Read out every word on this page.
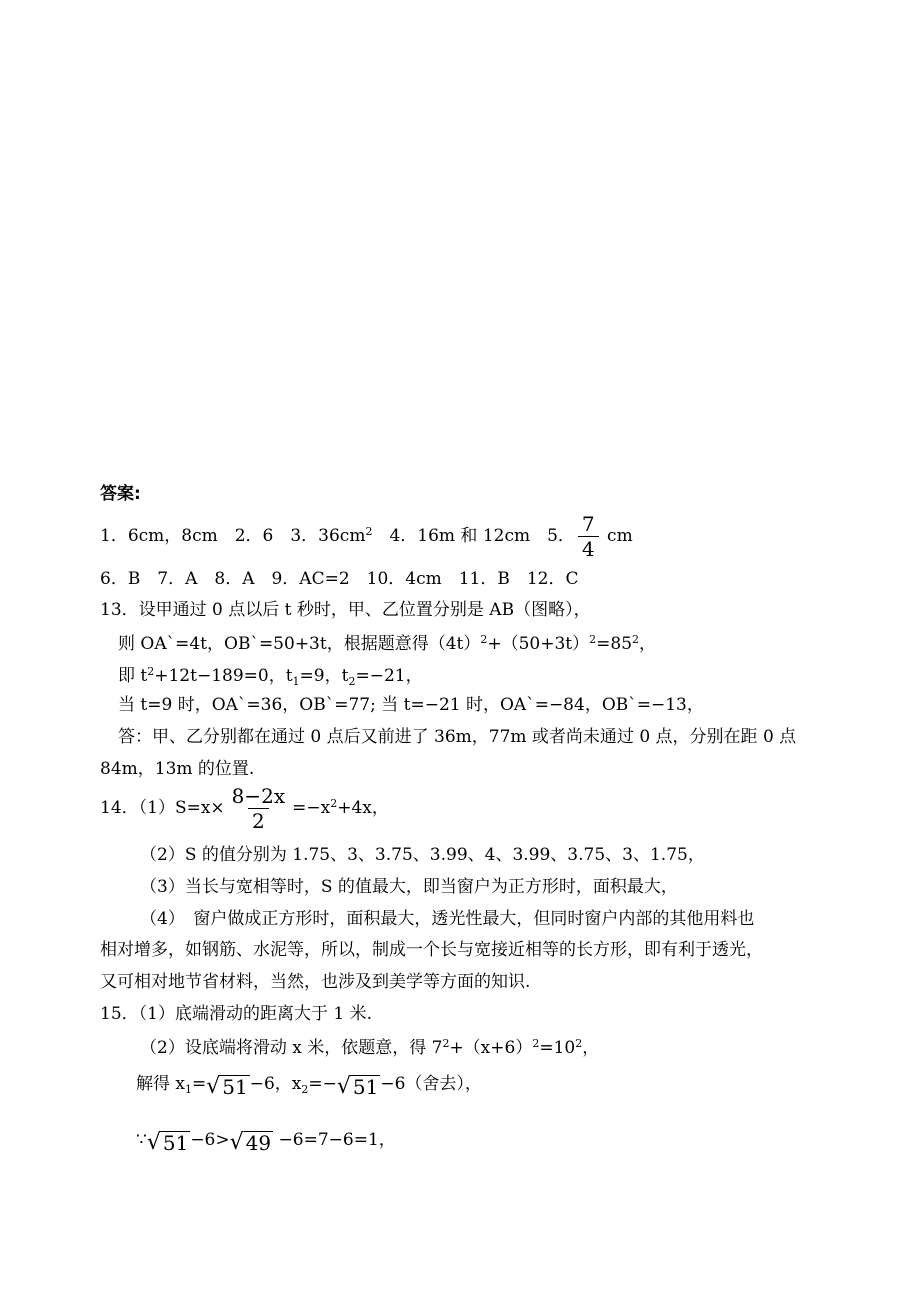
答案:
1．6cm，8cm　2．6　3．$36cm^2$　4．16m 和 12cm　5． $\frac{7}{4}$ cm
6．B　7．A　8．A　9．AC=2　10．4cm　11．B　12．C
13．设甲通过 0 点以后 t 秒时，甲、乙位置分别是 AB（图略），
则 OA`=4t，OB`=50+3t，根据题意得$(4t)^2+(50+3t)^2=85^2$，
即 $t^2+12t-189=0$，$t_1=9$，$t_2=-21$，
当 t=9 时，OA`=36，OB`=77; 当 t=−21 时，OA`=−84，OB`=−13，
答：甲、乙分别都在通过 0 点后又前进了 36m，77m 或者尚未通过 0 点，分别在距 0 点
84m，13m 的位置.
14．$(1)S=x\times \frac{8-2x}{2} =-x^2+4x$，
（2）S 的值分别为 1.75、3、3.75、3.99、4、3.99、3.75、3、1.75，
（3）当长与宽相等时，S 的值最大，即当窗户为正方形时，面积最大，
（4）　窗户做成正方形时，面积最大，透光性最大，但同时窗户内部的其他用料也
相对增多，如钢筋、水泥等，所以，制成一个长与宽接近相等的长方形，即有利于透光，
又可相对地节省材料，当然，也涉及到美学等方面的知识.
15．（1）底端滑动的距离大于 1 米.
（2）设底端将滑动 x 米，依题意，得 $7^2+(x+6)^2=10^2$，
解得 $x_1=$ √ 51 −6，$x_2=-$ √ 51 −6（舍去），
∵ √ 51 −6> √ 49 −6=7−6=1，
